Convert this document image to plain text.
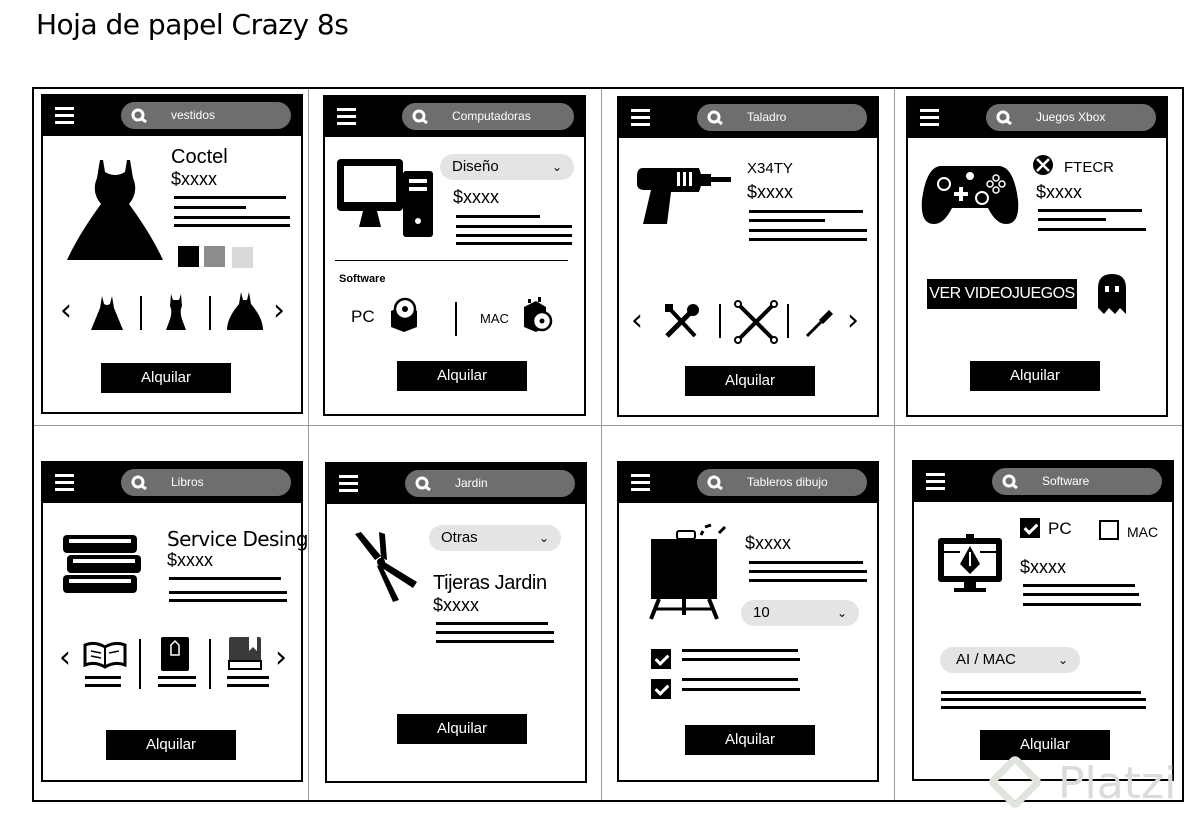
Hoja de papel Crazy 8s
vestidos
Coctel
$xxxx
‹	›
Alquilar
Computadoras
Diseño	⌄
$xxxx
Software
PC	MAC
Alquilar
Taladro
X34TY
$xxxx
‹	›
Alquilar
Juegos Xbox
FTECR
$xxxx
VER VIDEOJUEGOS
Alquilar
Libros
Service Desing
$xxxx
‹	›
Alquilar
Jardin
Otras	⌄
Tijeras Jardin
$xxxx
Alquilar
Tableros dibujo
$xxxx
10	⌄
Alquilar
Software
PC	MAC
$xxxx
AI / MAC	⌄
Alquilar
Platzi
